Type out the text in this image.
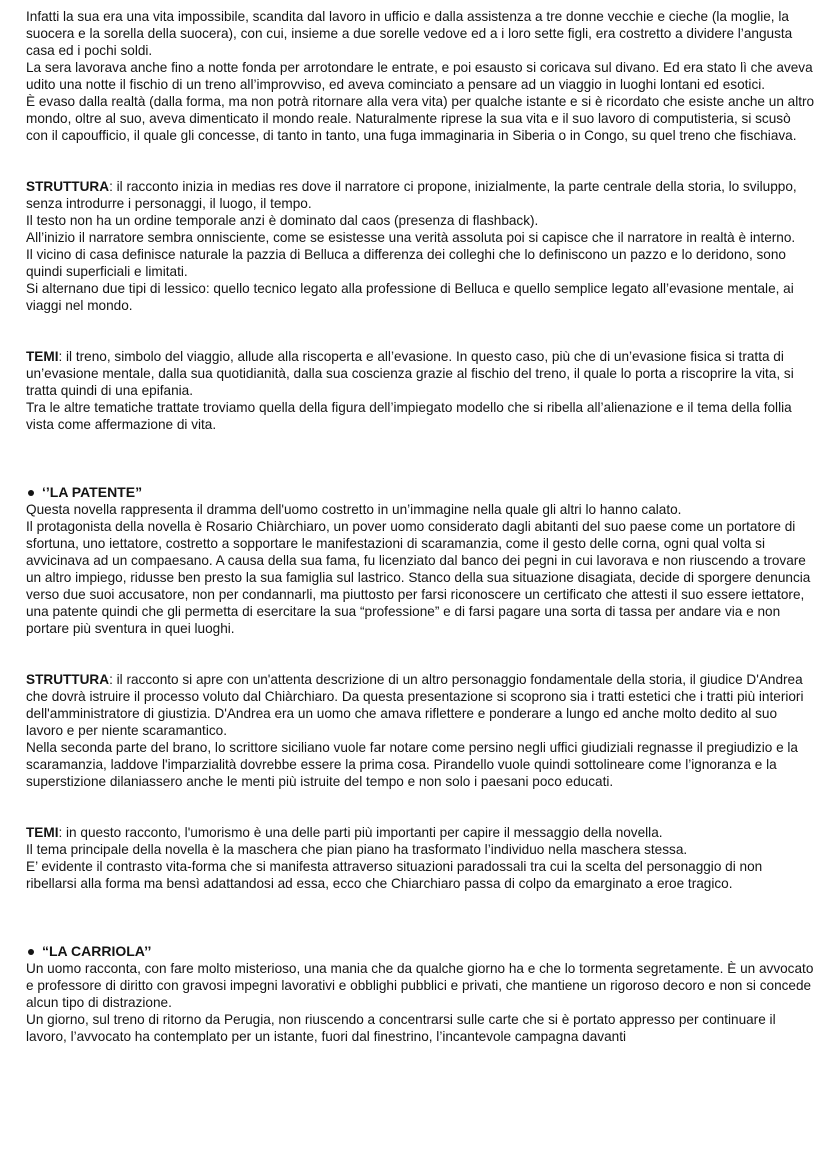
Infatti la sua era una vita impossibile, scandita dal lavoro in ufficio e dalla assistenza a tre donne vecchie e cieche (la moglie, la suocera e la sorella della suocera), con cui, insieme a due sorelle vedove ed a i loro sette figli, era costretto a dividere l’angusta casa ed i pochi soldi.

La sera lavorava anche fino a notte fonda per arrotondare le entrate, e poi esausto si coricava sul divano. Ed era stato lì che aveva udito una notte il fischio di un treno all’improvviso, ed aveva cominciato a pensare ad un viaggio in luoghi lontani ed esotici.

È evaso dalla realtà (dalla forma, ma non potrà ritornare alla vera vita) per qualche istante e si è ricordato che esiste anche un altro mondo, oltre al suo, aveva dimenticato il mondo reale. Naturalmente riprese la sua vita e il suo lavoro di computisteria, si scusò con il capoufficio, il quale gli concesse, di tanto in tanto, una fuga immaginaria in Siberia o in Congo, su quel treno che fischiava.

STRUTTURA: il racconto inizia in medias res dove il narratore ci propone, inizialmente, la parte centrale della storia, lo sviluppo, senza introdurre i personaggi, il luogo, il tempo.

Il testo non ha un ordine temporale anzi è dominato dal caos (presenza di flashback).

All’inizio il narratore sembra onnisciente, come se esistesse una verità assoluta poi si capisce che il narratore in realtà è interno.

Il vicino di casa definisce naturale la pazzia di Belluca a differenza dei colleghi che lo definiscono un pazzo e lo deridono, sono quindi superficiali e limitati.

Si alternano due tipi di lessico: quello tecnico legato alla professione di Belluca e quello semplice legato all’evasione mentale, ai viaggi nel mondo.

TEMI: il treno, simbolo del viaggio, allude alla riscoperta e all’evasione. In questo caso, più che di un’evasione fisica si tratta di un’evasione mentale, dalla sua quotidianità, dalla sua coscienza grazie al fischio del treno, il quale lo porta a riscoprire la vita, si tratta quindi di una epifania.

Tra le altre tematiche trattate troviamo quella della figura dell’impiegato modello che si ribella all’alienazione e il tema della follia vista come affermazione di vita.

‘’LA PATENTE”

Questa novella rappresenta il dramma dell'uomo costretto in un’immagine nella quale gli altri lo hanno calato.

Il protagonista della novella è Rosario Chiàrchiaro, un pover uomo considerato dagli abitanti del suo paese come un portatore di sfortuna, uno iettatore, costretto a sopportare le manifestazioni di scaramanzia, come il gesto delle corna, ogni qual volta si avvicinava ad un compaesano. A causa della sua fama, fu licenziato dal banco dei pegni in cui lavorava e non riuscendo a trovare un altro impiego, ridusse ben presto la sua famiglia sul lastrico. Stanco della sua situazione disagiata, decide di sporgere denuncia verso due suoi accusatore, non per condannarli, ma piuttosto per farsi riconoscere un certificato che attesti il suo essere iettatore, una patente quindi che gli permetta di esercitare la sua “professione” e di farsi pagare una sorta di tassa per andare via e non portare più sventura in quei luoghi.

STRUTTURA: il racconto si apre con un'attenta descrizione di un altro personaggio fondamentale della storia, il giudice D'Andrea che dovrà istruire il processo voluto dal Chiàrchiaro. Da questa presentazione si scoprono sia i tratti estetici che i tratti più interiori dell'amministratore di giustizia. D'Andrea era un uomo che amava riflettere e ponderare a lungo ed anche molto dedito al suo lavoro e per niente scaramantico.

Nella seconda parte del brano, lo scrittore siciliano vuole far notare come persino negli uffici giudiziali regnasse il pregiudizio e la scaramanzia, laddove l'imparzialità dovrebbe essere la prima cosa. Pirandello vuole quindi sottolineare come l’ignoranza e la superstizione dilaniassero anche le menti più istruite del tempo e non solo i paesani poco educati.

TEMI: in questo racconto, l'umorismo è una delle parti più importanti per capire il messaggio della novella.

Il tema principale della novella è la maschera che pian piano ha trasformato l’individuo nella maschera stessa.

E’ evidente il contrasto vita-forma che si manifesta attraverso situazioni paradossali tra cui la scelta del personaggio di non ribellarsi alla forma ma bensì adattandosi ad essa, ecco che Chiarchiaro passa di colpo da emarginato a eroe tragico.

“LA CARRIOLA’’

Un uomo racconta, con fare molto misterioso, una mania che da qualche giorno ha e che lo tormenta segretamente. È un avvocato e professore di diritto con gravosi impegni lavorativi e obblighi pubblici e privati, che mantiene un rigoroso decoro e non si concede alcun tipo di distrazione.

Un giorno, sul treno di ritorno da Perugia, non riuscendo a concentrarsi sulle carte che si è portato appresso per continuare il lavoro, l’avvocato ha contemplato per un istante, fuori dal finestrino, l’incantevole campagna davanti
